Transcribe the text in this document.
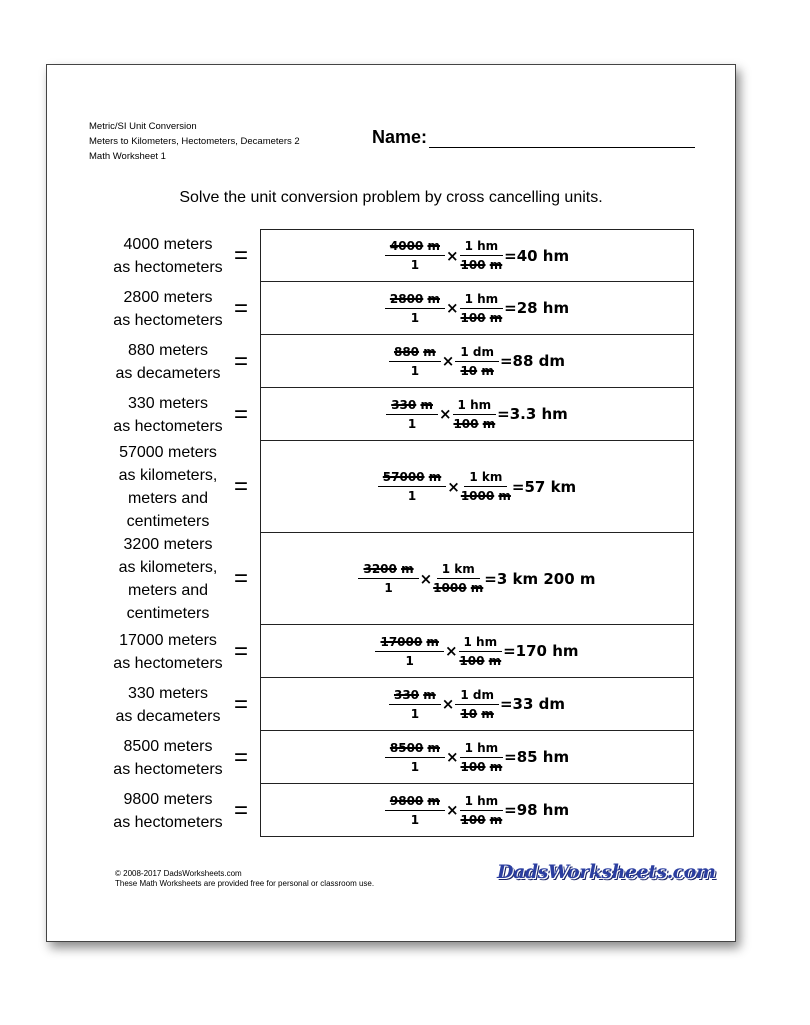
Metric/SI Unit Conversion
Meters to Kilometers, Hectometers, Decameters 2
Math Worksheet 1
Name:
Solve the unit conversion problem by cross cancelling units.
4000 meters
as hectometers =	$\frac{4000 m}{1} \times \frac{1 hm}{100 m} =40$ hm
2800 meters
as hectometers =	$\frac{2800 m}{1} \times \frac{1 hm}{100 m} =28$ hm
880 meters
as decameters =	$\frac{880 m}{1} \times \frac{1 dm}{10 m} =88$ dm
330 meters
as hectometers =	$\frac{330 m}{1} \times \frac{1 hm}{100 m} =3.3$ hm
57000 meters
as kilometers,
meters and
centimeters
=	$\frac{57000 m}{1} \times \frac{1 km}{1000 m} =57$ km
3200 meters
as kilometers,
meters and
centimeters
=	$\frac{3200 m}{1} \times \frac{1 km}{1000 m} =3$ km 200 m
17000 meters
as hectometers =	$\frac{17000 m}{1} \times \frac{1 hm}{100 m} =170$ hm
330 meters
as decameters =	$\frac{330 m}{1} \times \frac{1 dm}{10 m} =33$ dm
8500 meters
as hectometers =	$\frac{8500 m}{1} \times \frac{1 hm}{100 m} =85$ hm
9800 meters
as hectometers =	$\frac{9800 m}{1} \times \frac{1 hm}{100 m} =98$ hm
© 2008-2017 DadsWorksheets.com
These Math Worksheets are provided free for personal or classroom use.
DadsWorksheets.com
